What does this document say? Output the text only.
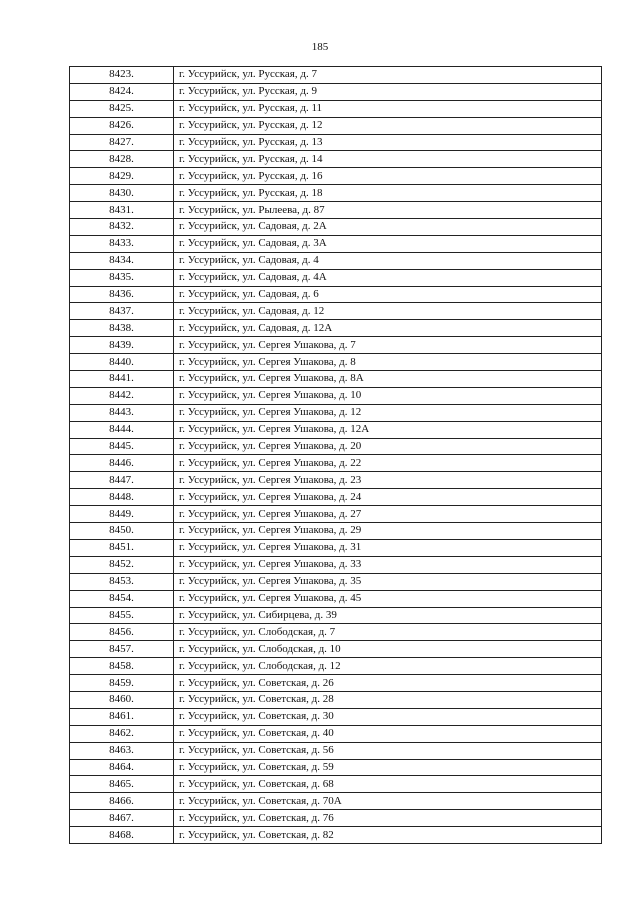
185
8423.	г. Уссурийск, ул. Русская, д. 7
8424.	г. Уссурийск, ул. Русская, д. 9
8425.	г. Уссурийск, ул. Русская, д. 11
8426.	г. Уссурийск, ул. Русская, д. 12
8427.	г. Уссурийск, ул. Русская, д. 13
8428.	г. Уссурийск, ул. Русская, д. 14
8429.	г. Уссурийск, ул. Русская, д. 16
8430.	г. Уссурийск, ул. Русская, д. 18
8431.	г. Уссурийск, ул. Рылеева, д. 87
8432.	г. Уссурийск, ул. Садовая, д. 2А
8433.	г. Уссурийск, ул. Садовая, д. 3А
8434.	г. Уссурийск, ул. Садовая, д. 4
8435.	г. Уссурийск, ул. Садовая, д. 4А
8436.	г. Уссурийск, ул. Садовая, д. 6
8437.	г. Уссурийск, ул. Садовая, д. 12
8438.	г. Уссурийск, ул. Садовая, д. 12А
8439.	г. Уссурийск, ул. Сергея Ушакова, д. 7
8440.	г. Уссурийск, ул. Сергея Ушакова, д. 8
8441.	г. Уссурийск, ул. Сергея Ушакова, д. 8А
8442.	г. Уссурийск, ул. Сергея Ушакова, д. 10
8443.	г. Уссурийск, ул. Сергея Ушакова, д. 12
8444.	г. Уссурийск, ул. Сергея Ушакова, д. 12А
8445.	г. Уссурийск, ул. Сергея Ушакова, д. 20
8446.	г. Уссурийск, ул. Сергея Ушакова, д. 22
8447.	г. Уссурийск, ул. Сергея Ушакова, д. 23
8448.	г. Уссурийск, ул. Сергея Ушакова, д. 24
8449.	г. Уссурийск, ул. Сергея Ушакова, д. 27
8450.	г. Уссурийск, ул. Сергея Ушакова, д. 29
8451.	г. Уссурийск, ул. Сергея Ушакова, д. 31
8452.	г. Уссурийск, ул. Сергея Ушакова, д. 33
8453.	г. Уссурийск, ул. Сергея Ушакова, д. 35
8454.	г. Уссурийск, ул. Сергея Ушакова, д. 45
8455.	г. Уссурийск, ул. Сибирцева, д. 39
8456.	г. Уссурийск, ул. Слободская, д. 7
8457.	г. Уссурийск, ул. Слободская, д. 10
8458.	г. Уссурийск, ул. Слободская, д. 12
8459.	г. Уссурийск, ул. Советская, д. 26
8460.	г. Уссурийск, ул. Советская, д. 28
8461.	г. Уссурийск, ул. Советская, д. 30
8462.	г. Уссурийск, ул. Советская, д. 40
8463.	г. Уссурийск, ул. Советская, д. 56
8464.	г. Уссурийск, ул. Советская, д. 59
8465.	г. Уссурийск, ул. Советская, д. 68
8466.	г. Уссурийск, ул. Советская, д. 70А
8467.	г. Уссурийск, ул. Советская, д. 76
8468.	г. Уссурийск, ул. Советская, д. 82
